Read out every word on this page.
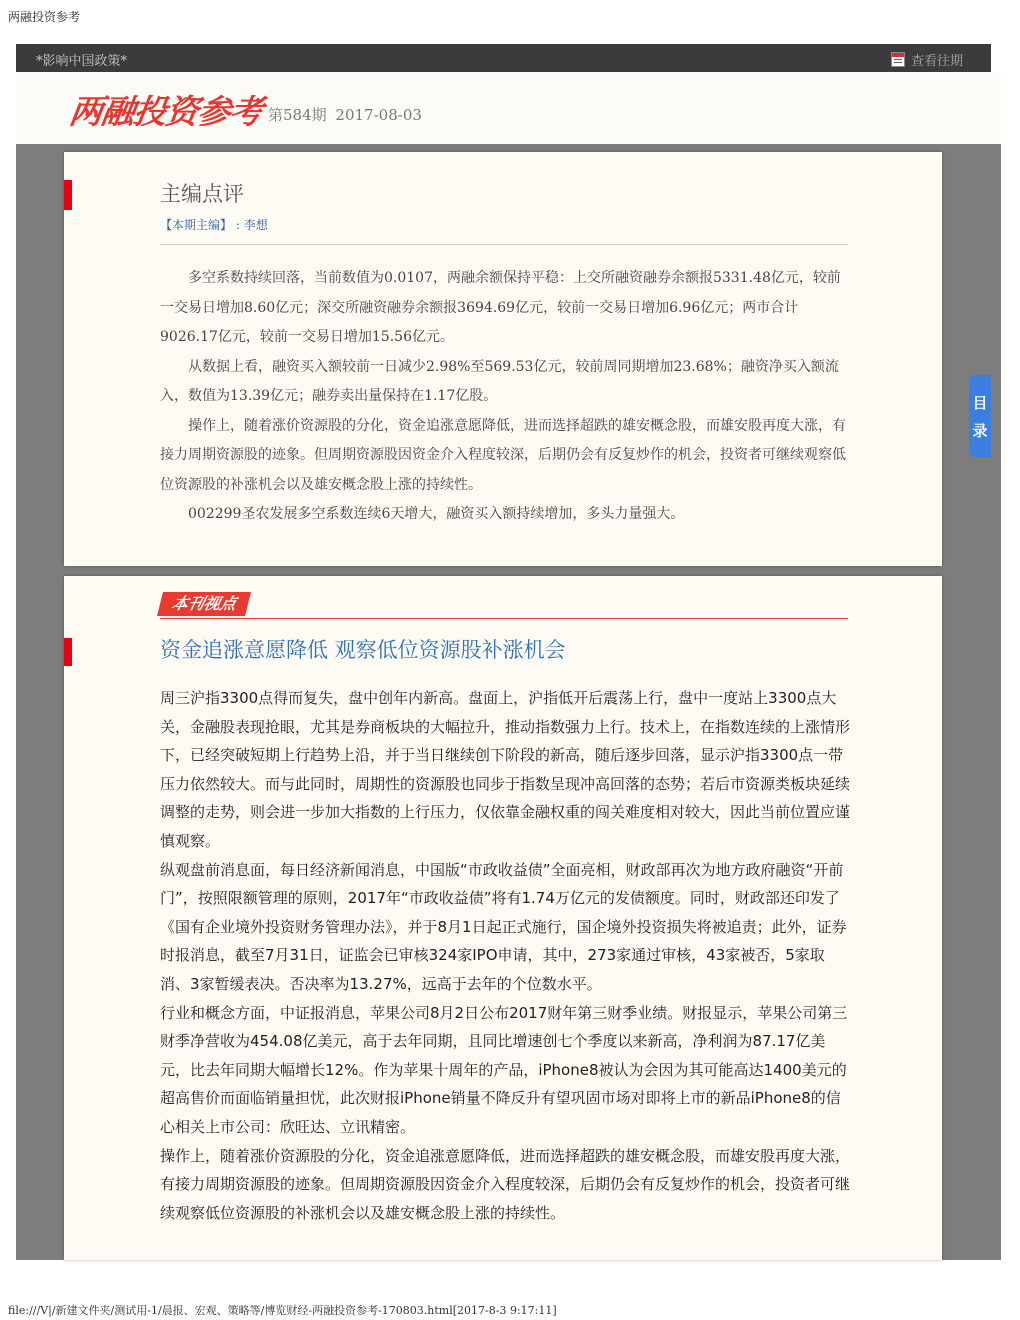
两融投资参考
*影响中国政策*	查看往期
两融投资参考 第584期 2017-08-03
主编点评
【本期主编】 : 李想

多空系数持续回落，当前数值为0.0107，两融余额保持平稳：上交所融资融券余额报5331.48亿元，较前一交易日增加8.60亿元；深交所融资融券余额报3694.69亿元，较前一交易日增加6.96亿元；两市合计9026.17亿元，较前一交易日增加15.56亿元。

从数据上看，融资买入额较前一日减少2.98%至569.53亿元，较前周同期增加23.68%；融资净买入额流入，数值为13.39亿元；融券卖出量保持在1.17亿股。

操作上，随着涨价资源股的分化，资金追涨意愿降低，进而选择超跌的雄安概念股，而雄安股再度大涨，有接力周期资源股的迹象。但周期资源股因资金介入程度较深，后期仍会有反复炒作的机会，投资者可继续观察低位资源股的补涨机会以及雄安概念股上涨的持续性。

002299圣农发展多空系数连续6天增大，融资买入额持续增加，多头力量强大。

本刊视点
资金追涨意愿降低 观察低位资源股补涨机会

周三沪指3300点得而复失，盘中创年内新高。盘面上，沪指低开后震荡上行，盘中一度站上3300点大关，金融股表现抢眼，尤其是券商板块的大幅拉升，推动指数强力上行。技术上，在指数连续的上涨情形下，已经突破短期上行趋势上沿，并于当日继续创下阶段的新高，随后逐步回落，显示沪指3300点一带压力依然较大。而与此同时，周期性的资源股也同步于指数呈现冲高回落的态势；若后市资源类板块延续调整的走势，则会进一步加大指数的上行压力，仅依靠金融权重的闯关难度相对较大，因此当前位置应谨慎观察。

纵观盘前消息面，每日经济新闻消息，中国版“市政收益债”全面亮相，财政部再次为地方政府融资“开前门”，按照限额管理的原则，2017年“市政收益债”将有1.74万亿元的发债额度。同时，财政部还印发了《国有企业境外投资财务管理办法》，并于8月1日起正式施行，国企境外投资损失将被追责；此外，证券时报消息，截至7月31日，证监会已审核324家IPO申请，其中，273家通过审核，43家被否，5家取消、3家暂缓表决。否决率为13.27%，远高于去年的个位数水平。

行业和概念方面，中证报消息，苹果公司8月2日公布2017财年第三财季业绩。财报显示，苹果公司第三财季净营收为454.08亿美元，高于去年同期，且同比增速创七个季度以来新高，净利润为87.17亿美元，比去年同期大幅增长12%。作为苹果十周年的产品，iPhone8被认为会因为其可能高达1400美元的超高售价而面临销量担忧，此次财报iPhone销量不降反升有望巩固市场对即将上市的新品iPhone8的信心相关上市公司：欣旺达、立讯精密。

操作上，随着涨价资源股的分化，资金追涨意愿降低，进而选择超跌的雄安概念股，而雄安股再度大涨，有接力周期资源股的迹象。但周期资源股因资金介入程度较深，后期仍会有反复炒作的机会，投资者可继续观察低位资源股的补涨机会以及雄安概念股上涨的持续性。

目录
file:///V|/新建文件夹/测试用-1/晨报、宏观、策略等/博览财经-两融投资参考-170803.html[2017-8-3 9:17:11]
